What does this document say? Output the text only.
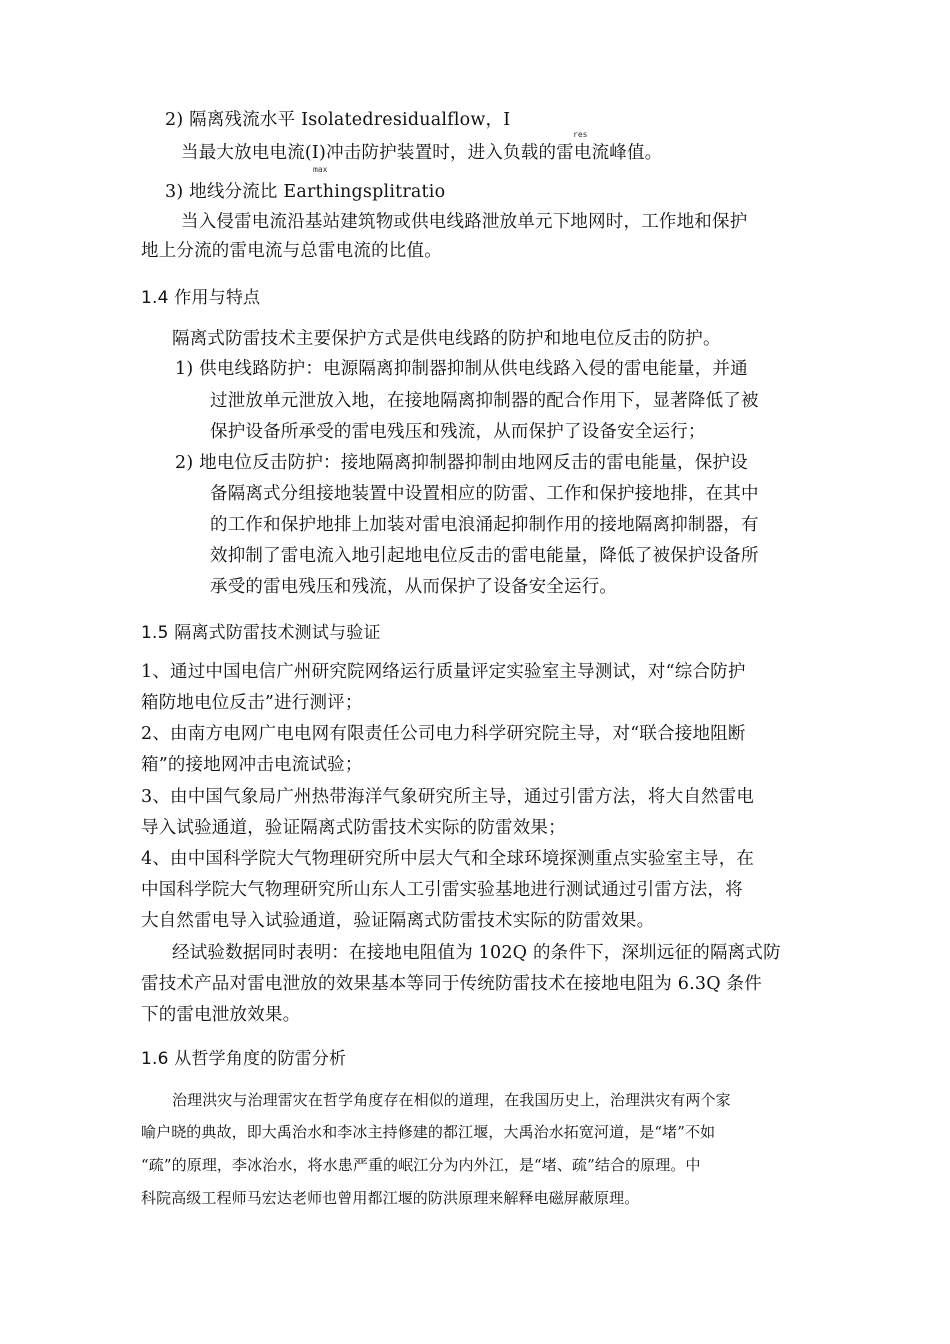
2) 隔离残流水平 Isolatedresidualflow，I
res
当最大放电电流(I)冲击防护装置时，进入负载的雷电流峰值。
max
3) 地线分流比 Earthingsplitratio
当入侵雷电流沿基站建筑物或供电线路泄放单元下地网时，工作地和保护
地上分流的雷电流与总雷电流的比值。
1.4 作用与特点
隔离式防雷技术主要保护方式是供电线路的防护和地电位反击的防护。
1) 供电线路防护：电源隔离抑制器抑制从供电线路入侵的雷电能量，并通
过泄放单元泄放入地，在接地隔离抑制器的配合作用下，显著降低了被
保护设备所承受的雷电残压和残流，从而保护了设备安全运行；
2) 地电位反击防护：接地隔离抑制器抑制由地网反击的雷电能量，保护设
备隔离式分组接地装置中设置相应的防雷、工作和保护接地排，在其中
的工作和保护地排上加装对雷电浪涌起抑制作用的接地隔离抑制器，有
效抑制了雷电流入地引起地电位反击的雷电能量，降低了被保护设备所
承受的雷电残压和残流，从而保护了设备安全运行。
1.5 隔离式防雷技术测试与验证
1、通过中国电信广州研究院网络运行质量评定实验室主导测试，对“综合防护
箱防地电位反击”进行测评；
2、由南方电网广电电网有限责任公司电力科学研究院主导，对“联合接地阻断
箱”的接地网冲击电流试验；
3、由中国气象局广州热带海洋气象研究所主导，通过引雷方法，将大自然雷电
导入试验通道，验证隔离式防雷技术实际的防雷效果；
4、由中国科学院大气物理研究所中层大气和全球环境探测重点实验室主导，在
中国科学院大气物理研究所山东人工引雷实验基地进行测试通过引雷方法，将
大自然雷电导入试验通道，验证隔离式防雷技术实际的防雷效果。
经试验数据同时表明：在接地电阻值为 102Q 的条件下，深圳远征的隔离式防
雷技术产品对雷电泄放的效果基本等同于传统防雷技术在接地电阻为 6.3Q 条件
下的雷电泄放效果。
1.6 从哲学角度的防雷分析
治理洪灾与治理雷灾在哲学角度存在相似的道理，在我国历史上，治理洪灾有两个家
喻户晓的典故，即大禹治水和李冰主持修建的都江堰，大禹治水拓宽河道，是“堵”不如
“疏”的原理，李冰治水，将水患严重的岷江分为内外江，是“堵、疏”结合的原理。中
科院高级工程师马宏达老师也曾用都江堰的防洪原理来解释电磁屏蔽原理。
